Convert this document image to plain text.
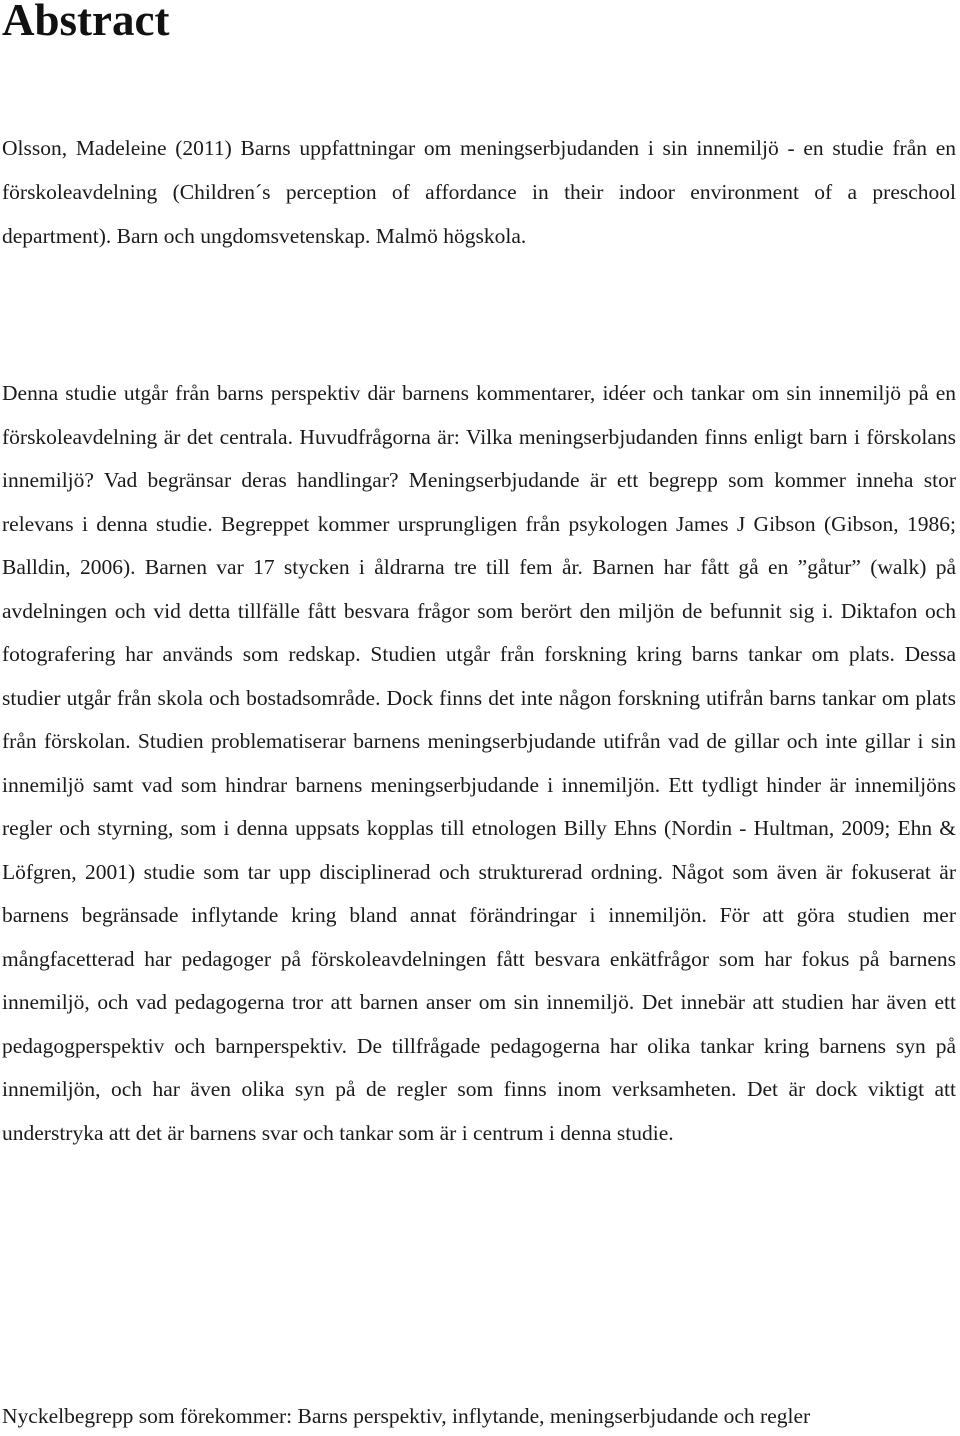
Abstract

Olsson, Madeleine (2011) Barns uppfattningar om meningserbjudanden i sin innemiljö - en studie från en förskoleavdelning (Children´s perception of affordance in their indoor environment of a preschool department). Barn och ungdomsvetenskap. Malmö högskola.

Denna studie utgår från barns perspektiv där barnens kommentarer, idéer och tankar om sin innemiljö på en förskoleavdelning är det centrala. Huvudfrågorna är: Vilka meningserbjudanden finns enligt barn i förskolans innemiljö? Vad begränsar deras handlingar? Meningserbjudande är ett begrepp som kommer inneha stor relevans i denna studie. Begreppet kommer ursprungligen från psykologen James J Gibson (Gibson, 1986; Balldin, 2006). Barnen var 17 stycken i åldrarna tre till fem år. Barnen har fått gå en ”gåtur” (walk) på avdelningen och vid detta tillfälle fått besvara frågor som berört den miljön de befunnit sig i. Diktafon och fotografering har används som redskap. Studien utgår från forskning kring barns tankar om plats. Dessa studier utgår från skola och bostadsområde. Dock finns det inte någon forskning utifrån barns tankar om plats från förskolan. Studien problematiserar barnens meningserbjudande utifrån vad de gillar och inte gillar i sin innemiljö samt vad som hindrar barnens meningserbjudande i innemiljön. Ett tydligt hinder är innemiljöns regler och styrning, som i denna uppsats kopplas till etnologen Billy Ehns (Nordin - Hultman, 2009; Ehn & Löfgren, 2001) studie som tar upp disciplinerad och strukturerad ordning. Något som även är fokuserat är barnens begränsade inflytande kring bland annat förändringar i innemiljön. För att göra studien mer mångfacetterad har pedagoger på förskoleavdelningen fått besvara enkätfrågor som har fokus på barnens innemiljö, och vad pedagogerna tror att barnen anser om sin innemiljö. Det innebär att studien har även ett pedagogperspektiv och barnperspektiv. De tillfrågade pedagogerna har olika tankar kring barnens syn på innemiljön, och har även olika syn på de regler som finns inom verksamheten. Det är dock viktigt att understryka att det är barnens svar och tankar som är i centrum i denna studie.

Nyckelbegrepp som förekommer: Barns perspektiv, inflytande, meningserbjudande och regler
